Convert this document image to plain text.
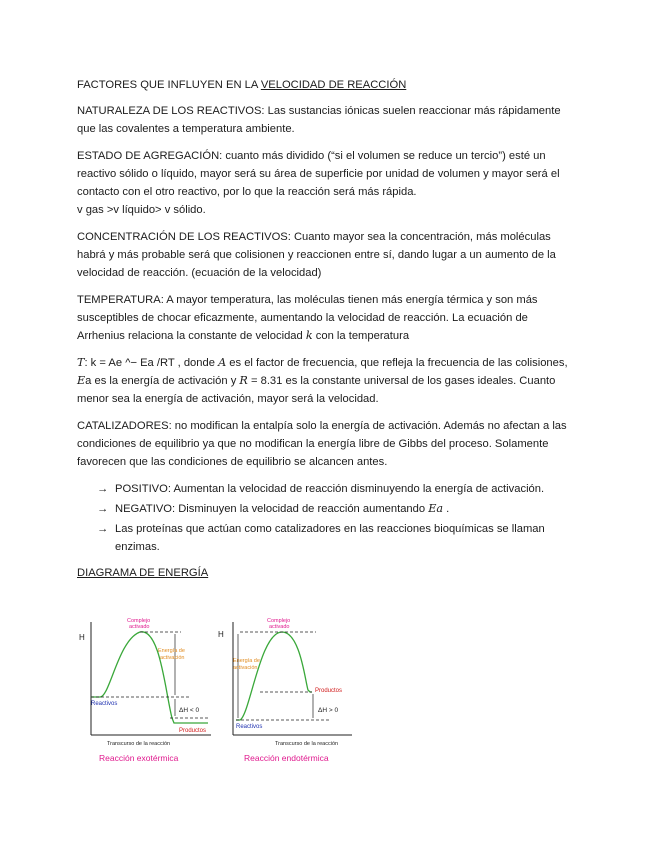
FACTORES QUE INFLUYEN EN LA VELOCIDAD DE REACCIÓN

NATURALEZA DE LOS REACTIVOS: Las sustancias iónicas suelen reaccionar más rápidamente que las covalentes a temperatura ambiente.

ESTADO DE AGREGACIÓN: cuanto más dividido (“si el volumen se reduce un tercio”) esté un reactivo sólido o líquido, mayor será su área de superficie por unidad de volumen y mayor será el contacto con el otro reactivo, por lo que la reacción será más rápida.
v gas >v líquido> v sólido.

CONCENTRACIÓN DE LOS REACTIVOS: Cuanto mayor sea la concentración, más moléculas habrá y más probable será que colisionen y reaccionen entre sí, dando lugar a un aumento de la velocidad de reacción. (ecuación de la velocidad)

TEMPERATURA: A mayor temperatura, las moléculas tienen más energía térmica y son más susceptibles de chocar eficazmente, aumentando la velocidad de reacción. La ecuación de Arrhenius relaciona la constante de velocidad k con la temperatura

T: k = Ae ^− Ea /RT , donde A es el factor de frecuencia, que refleja la frecuencia de las colisiones, Ea es la energía de activación y R = 8.31 es la constante universal de los gases ideales. Cuanto menor sea la energía de activación, mayor será la velocidad.

CATALIZADORES: no modifican la entalpía solo la energía de activación. Además no afectan a las condiciones de equilibrio ya que no modifican la energía libre de Gibbs del proceso. Solamente favorecen que las condiciones de equilibrio se alcancen antes.

→ POSITIVO: Aumentan la velocidad de reacción disminuyendo la energía de activación.
→ NEGATIVO: Disminuyen la velocidad de reacción aumentando Ea .
→ Las proteínas que actúan como catalizadores en las reacciones bioquímicas se llaman enzimas.

DIAGRAMA DE ENERGÍA

H
Complejo
activado
Energía de
activación
Reactivos
ΔH < 0
Productos
Transcurso de la reacción
Reacción exotérmica
H
Complejo
activado
Energía de
activación
Productos
ΔH > 0
Reactivos
Transcurso de la reacción
Reacción endotérmica
